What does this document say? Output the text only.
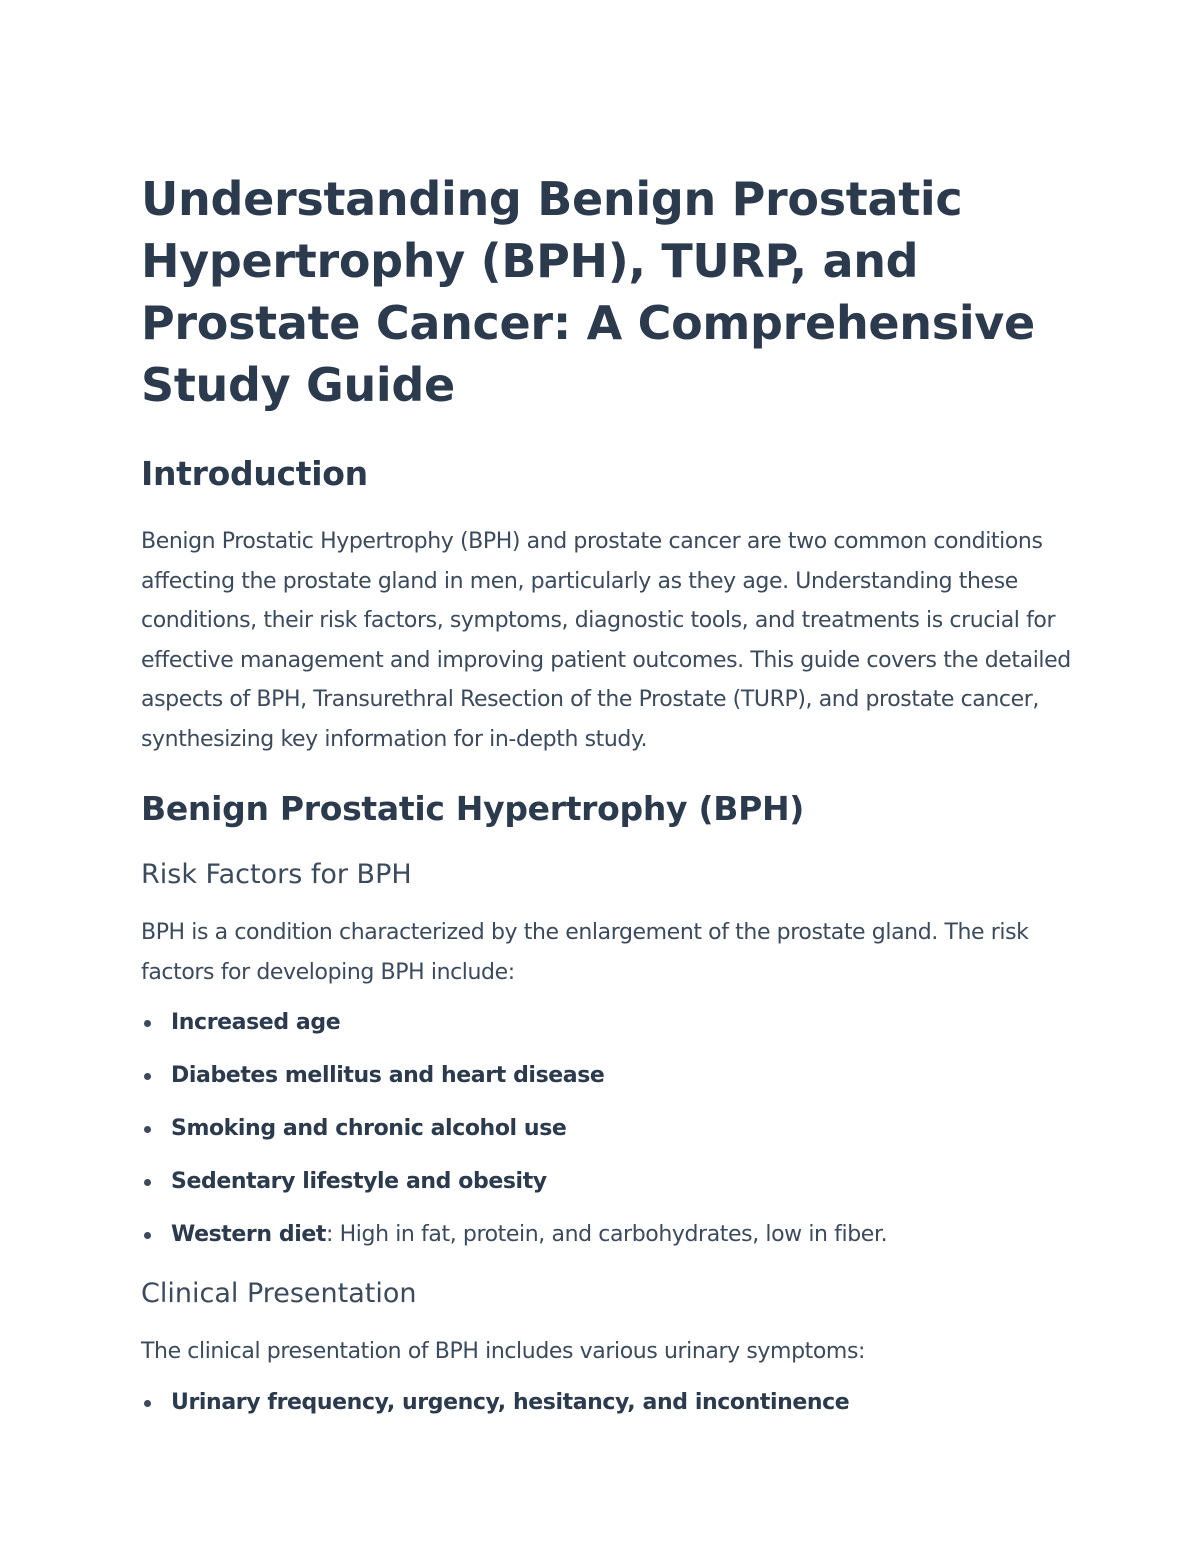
Understanding Benign Prostatic Hypertrophy (BPH), TURP, and Prostate Cancer: A Comprehensive Study Guide
Introduction

Benign Prostatic Hypertrophy (BPH) and prostate cancer are two common conditions affecting the prostate gland in men, particularly as they age. Understanding these conditions, their risk factors, symptoms, diagnostic tools, and treatments is crucial for effective management and improving patient outcomes. This guide covers the detailed aspects of BPH, Transurethral Resection of the Prostate (TURP), and prostate cancer, synthesizing key information for in-depth study.

Benign Prostatic Hypertrophy (BPH)
Risk Factors for BPH

BPH is a condition characterized by the enlargement of the prostate gland. The risk factors for developing BPH include:

Increased age
Diabetes mellitus and heart disease
Smoking and chronic alcohol use
Sedentary lifestyle and obesity
Western diet: High in fat, protein, and carbohydrates, low in fiber.
Clinical Presentation

The clinical presentation of BPH includes various urinary symptoms:

Urinary frequency, urgency, hesitancy, and incontinence
